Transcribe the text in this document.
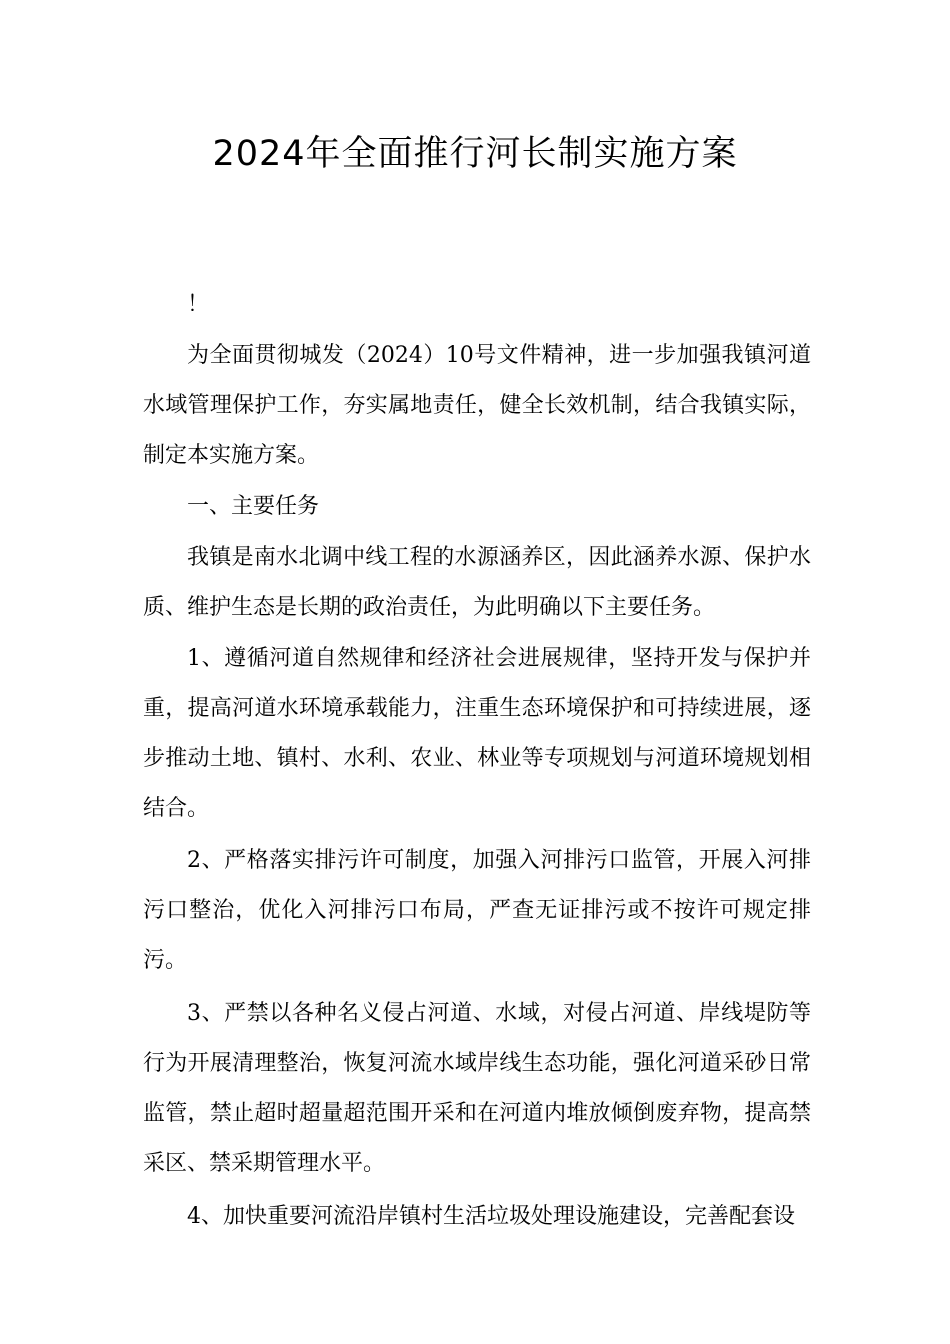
2024年全面推行河长制实施方案

！

为全面贯彻城发（2024）10号文件精神，进一步加强我镇河道水域管理保护工作，夯实属地责任，健全长效机制，结合我镇实际，制定本实施方案。

一、主要任务

我镇是南水北调中线工程的水源涵养区，因此涵养水源、保护水质、维护生态是长期的政治责任，为此明确以下主要任务。

1、遵循河道自然规律和经济社会进展规律，坚持开发与保护并重，提高河道水环境承载能力，注重生态环境保护和可持续进展，逐步推动土地、镇村、水利、农业、林业等专项规划与河道环境规划相结合。

2、严格落实排污许可制度，加强入河排污口监管，开展入河排污口整治，优化入河排污口布局，严查无证排污或不按许可规定排污。

3、严禁以各种名义侵占河道、水域，对侵占河道、岸线堤防等行为开展清理整治，恢复河流水域岸线生态功能，强化河道采砂日常监管，禁止超时超量超范围开采和在河道内堆放倾倒废弃物，提高禁采区、禁采期管理水平。

4、加快重要河流沿岸镇村生活垃圾处理设施建设，完善配套设
